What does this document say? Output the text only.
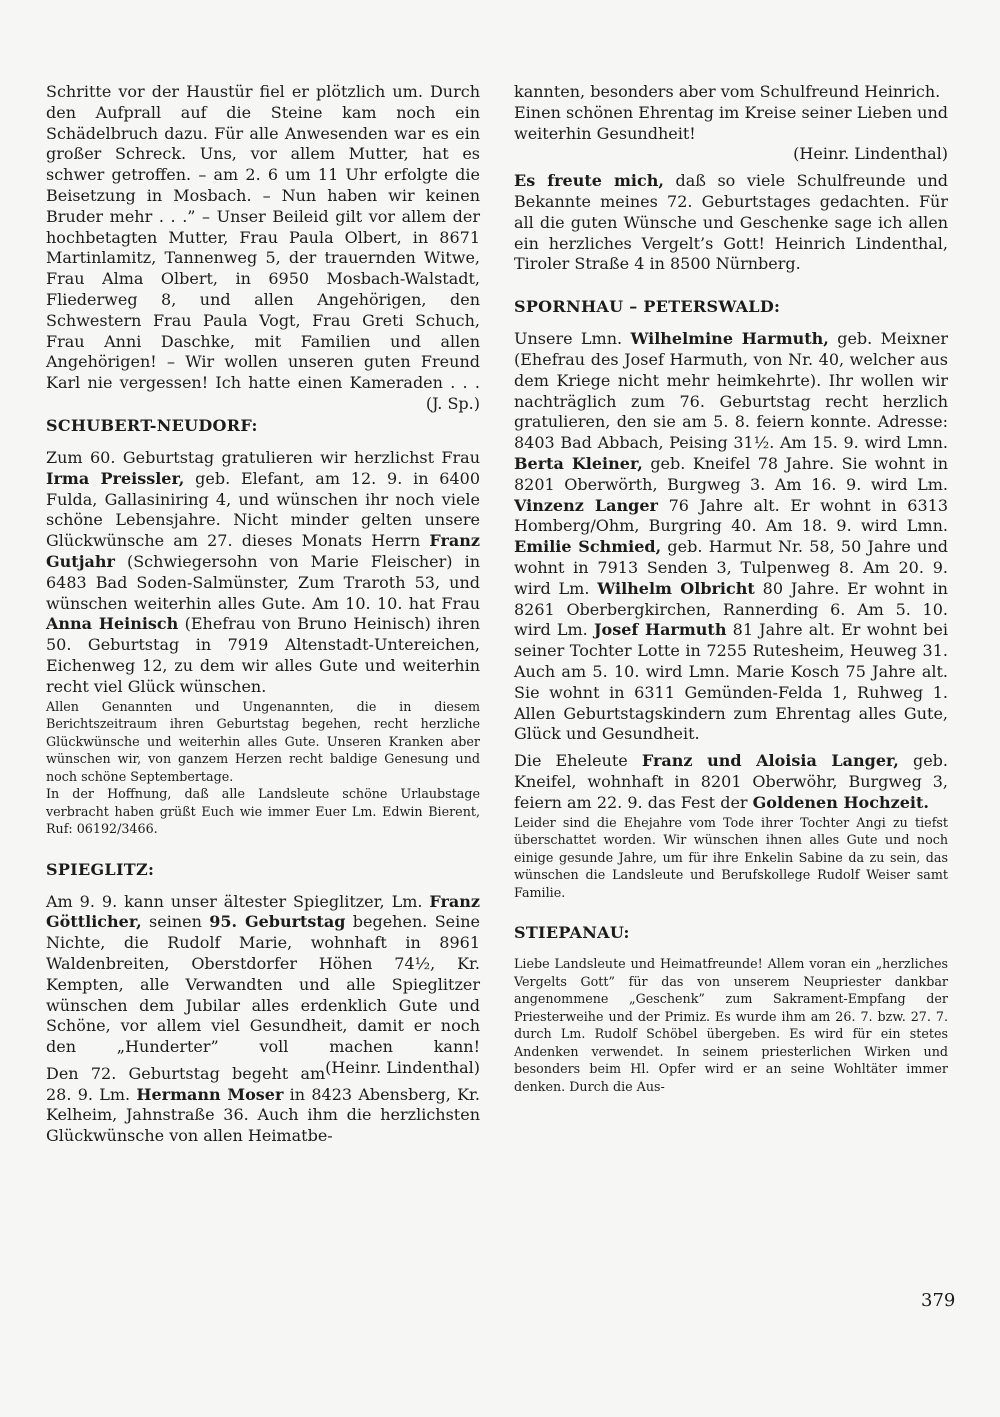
Schritte vor der Haustür fiel er plötzlich um. Durch den Aufprall auf die Steine kam noch ein Schädelbruch dazu. Für alle Anwesenden war es ein großer Schreck. Uns, vor allem Mutter, hat es schwer getroffen. – am 2. 6 um 11 Uhr erfolgte die Beisetzung in Mosbach. – Nun haben wir keinen Bruder mehr . . .” – Unser Beileid gilt vor allem der hochbetagten Mutter, Frau Paula Olbert, in 8671 Martinlamitz, Tannenweg 5, der trauernden Witwe, Frau Alma Olbert, in 6950 Mosbach-Walstadt, Fliederweg 8, und allen Angehörigen, den Schwestern Frau Paula Vogt, Frau Greti Schuch, Frau Anni Daschke, mit Familien und allen Angehörigen! – Wir wollen unseren guten Freund Karl nie vergessen! Ich hatte einen Kameraden . . .
(J. Sp.)

SCHUBERT-NEUDORF:

Zum 60. Geburtstag gratulieren wir herzlichst Frau Irma Preissler, geb. Elefant, am 12. 9. in 6400 Fulda, Gallasiniring 4, und wünschen ihr noch viele schöne Lebensjahre. Nicht minder gelten unsere Glückwünsche am 27. dieses Monats Herrn Franz Gutjahr (Schwiegersohn von Marie Fleischer) in 6483 Bad Soden-Salmünster, Zum Traroth 53, und wünschen weiterhin alles Gute. Am 10. 10. hat Frau Anna Heinisch (Ehefrau von Bruno Heinisch) ihren 50. Geburtstag in 7919 Altenstadt-Untereichen, Eichenweg 12, zu dem wir alles Gute und weiterhin recht viel Glück wünschen.

Allen Genannten und Ungenannten, die in diesem Berichtszeitraum ihren Geburtstag begehen, recht herzliche Glückwünsche und weiterhin alles Gute. Unseren Kranken aber wünschen wir, von ganzem Herzen recht baldige Genesung und noch schöne Septembertage.

In der Hoffnung, daß alle Landsleute schöne Urlaubstage verbracht haben grüßt Euch wie immer Euer Lm. Edwin Bierent, Ruf: 06192/3466.

SPIEGLITZ:

Am 9. 9. kann unser ältester Spieglitzer, Lm. Franz Göttlicher, seinen 95. Geburtstag begehen. Seine Nichte, die Rudolf Marie, wohnhaft in 8961 Waldenbreiten, Oberstdorfer Höhen 74½, Kr. Kempten, alle Verwandten und alle Spieglitzer wünschen dem Jubilar alles erdenklich Gute und Schöne, vor allem viel Gesundheit, damit er noch den „Hunderter” voll machen kann!
(Heinr. Lindenthal)

Den 72. Geburtstag begeht am 28. 9. Lm. Hermann Moser in 8423 Abensberg, Kr. Kelheim, Jahnstraße 36. Auch ihm die herzlichsten Glückwünsche von allen Heimatbe-

kannten, besonders aber vom Schulfreund Heinrich.

Einen schönen Ehrentag im Kreise seiner Lieben und weiterhin Gesundheit!

(Heinr. Lindenthal)

Es freute mich, daß so viele Schulfreunde und Bekannte meines 72. Geburtstages gedachten. Für all die guten Wünsche und Geschenke sage ich allen ein herzliches Vergelt’s Gott! Heinrich Lindenthal, Tiroler Straße 4 in 8500 Nürnberg.

SPORNHAU – PETERSWALD:

Unsere Lmn. Wilhelmine Harmuth, geb. Meixner (Ehefrau des Josef Harmuth, von Nr. 40, welcher aus dem Kriege nicht mehr heimkehrte). Ihr wollen wir nachträglich zum 76. Geburtstag recht herzlich gratulieren, den sie am 5. 8. feiern konnte. Adresse: 8403 Bad Abbach, Peising 31½. Am 15. 9. wird Lmn. Berta Kleiner, geb. Kneifel 78 Jahre. Sie wohnt in 8201 Oberwörth, Burgweg 3. Am 16. 9. wird Lm. Vinzenz Langer 76 Jahre alt. Er wohnt in 6313 Homberg/Ohm, Burgring 40. Am 18. 9. wird Lmn. Emilie Schmied, geb. Harmut Nr. 58, 50 Jahre und wohnt in 7913 Senden 3, Tulpenweg 8. Am 20. 9. wird Lm. Wilhelm Olbricht 80 Jahre. Er wohnt in 8261 Oberbergkirchen, Rannerding 6. Am 5. 10. wird Lm. Josef Harmuth 81 Jahre alt. Er wohnt bei seiner Tochter Lotte in 7255 Rutesheim, Heuweg 31. Auch am 5. 10. wird Lmn. Marie Kosch 75 Jahre alt. Sie wohnt in 6311 Gemünden-Felda 1, Ruhweg 1. Allen Geburtstagskindern zum Ehrentag alles Gute, Glück und Gesundheit.

Die Eheleute Franz und Aloisia Langer, geb. Kneifel, wohnhaft in 8201 Oberwöhr, Burgweg 3, feiern am 22. 9. das Fest der Goldenen Hochzeit.

Leider sind die Ehejahre vom Tode ihrer Tochter Angi zu tiefst überschattet worden. Wir wünschen ihnen alles Gute und noch einige gesunde Jahre, um für ihre Enkelin Sabine da zu sein, das wünschen die Landsleute und Berufskollege Rudolf Weiser samt Familie.

STIEPANAU:

Liebe Landsleute und Heimatfreunde! Allem voran ein „herzliches Vergelts Gott” für das von unserem Neupriester dankbar angenommene „Geschenk” zum Sakrament-Empfang der Priesterweihe und der Primiz. Es wurde ihm am 26. 7. bzw. 27. 7. durch Lm. Rudolf Schöbel übergeben. Es wird für ein stetes Andenken verwendet. In seinem priesterlichen Wirken und besonders beim Hl. Opfer wird er an seine Wohltäter immer denken. Durch die Aus-

379
